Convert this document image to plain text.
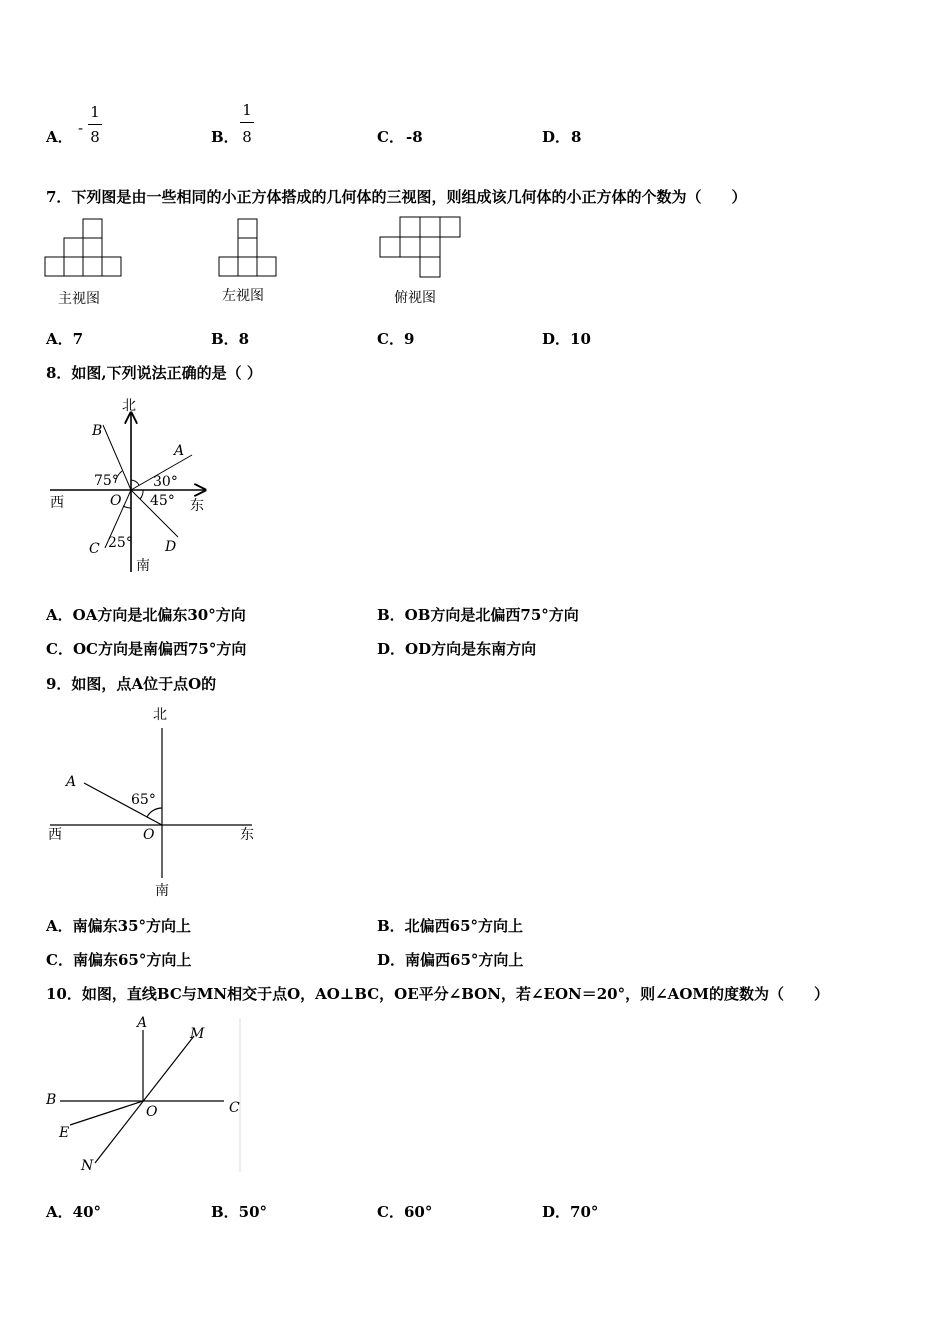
A． -
1
8	B．
1
8	C． -8	D． 8
7．下列图是由一些相同的小正方体搭成的几何体的三视图，则组成该几何体的小正方体的个数为（　　）
主视图	左视图	俯视图
A．7	B．8	C．9	D．10
8．如图,下列说法正确的是（ ）
北
南
西	东
B
A
C	D
O
75° 30°
45°
25°
A．OA方向是北偏东30°方向	B．OB方向是北偏西75°方向
C．OC方向是南偏西75°方向	D．OD方向是东南方向
9．如图，点A位于点O的
北
南
西	东
A
O
65°
A．南偏东35°方向上	B．北偏西65°方向上
C．南偏东65°方向上	D．南偏西65°方向上
10．如图，直线BC与MN相交于点O，AO⊥BC，OE平分∠BON，若∠EON＝20°，则∠AOM的度数为（　　）
A
M
B	C
O
E
N
A．40°	B．50°	C．60°	D．70°
